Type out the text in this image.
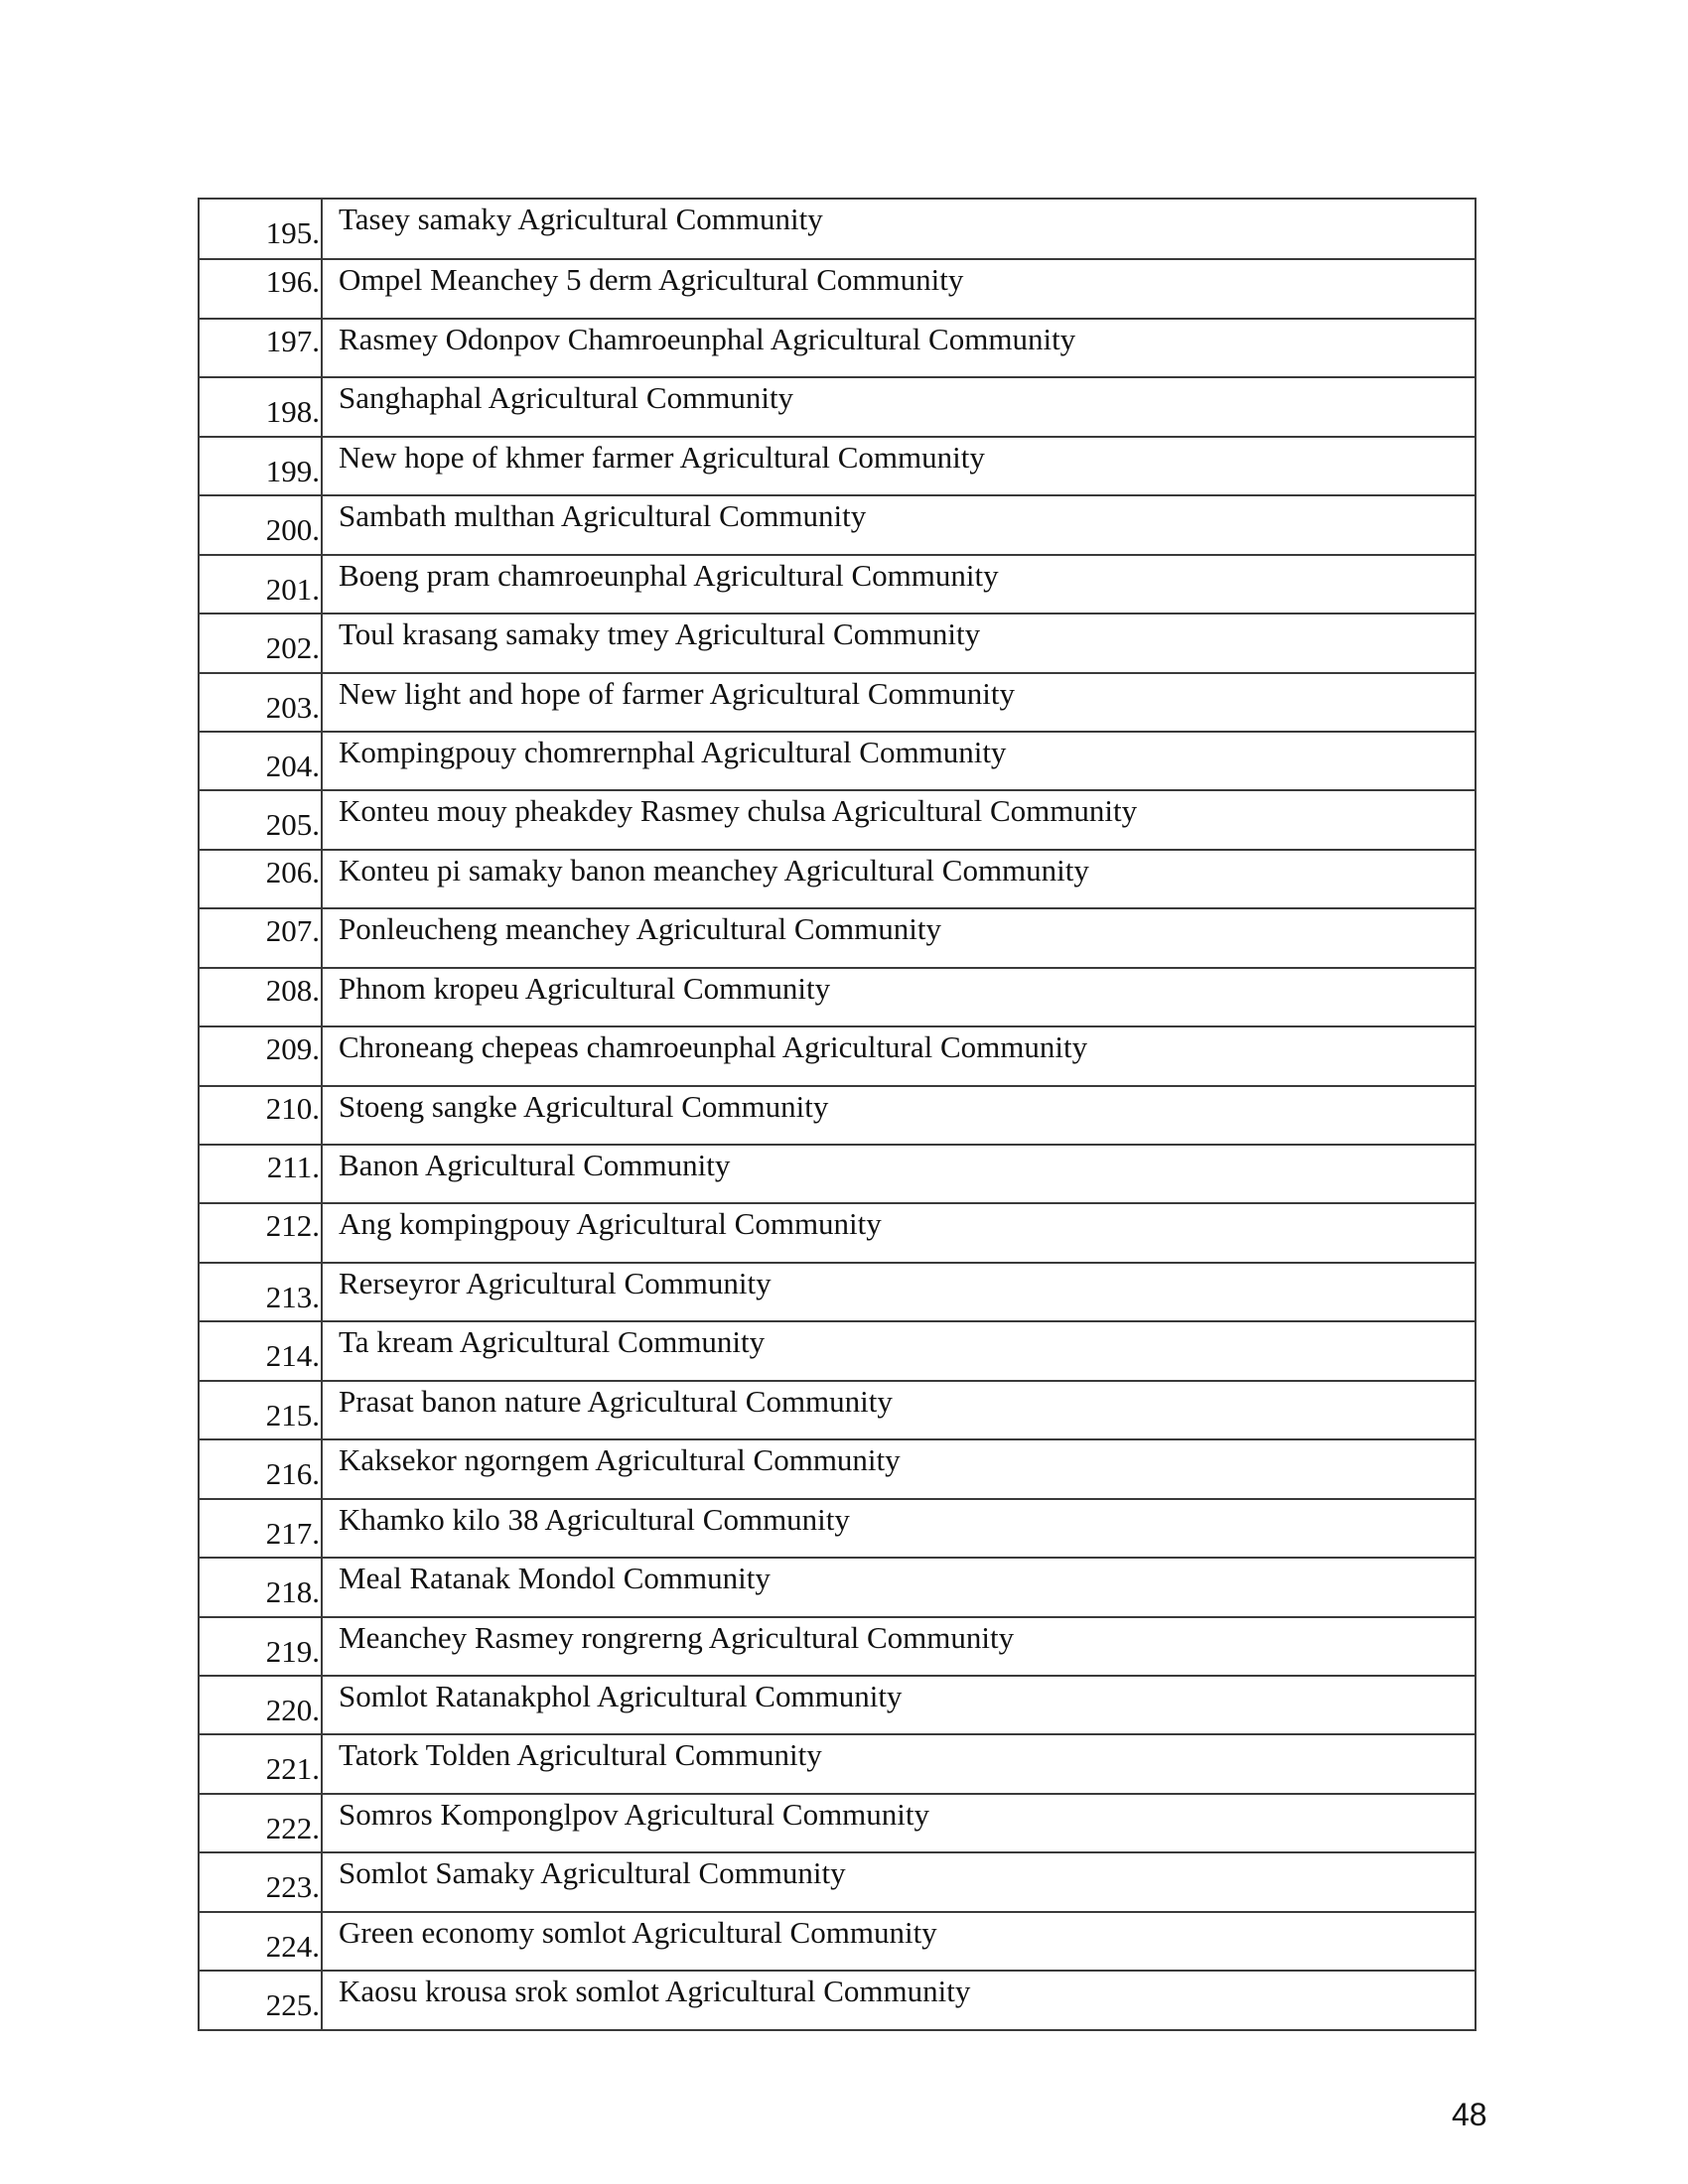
195. Tasey samaky Agricultural Community
196. Ompel Meanchey 5 derm Agricultural Community
197. Rasmey Odonpov Chamroeunphal Agricultural Community
198. Sanghaphal Agricultural Community
199. New hope of khmer farmer Agricultural Community
200. Sambath multhan Agricultural Community
201. Boeng pram chamroeunphal Agricultural Community
202. Toul krasang samaky tmey Agricultural Community
203. New light and hope of farmer Agricultural Community
204. Kompingpouy chomrernphal Agricultural Community
205. Konteu mouy pheakdey Rasmey chulsa Agricultural Community
206. Konteu pi samaky banon meanchey Agricultural Community
207. Ponleucheng meanchey Agricultural Community
208. Phnom kropeu Agricultural Community
209. Chroneang chepeas chamroeunphal Agricultural Community
210. Stoeng sangke Agricultural Community
211. Banon Agricultural Community
212. Ang kompingpouy Agricultural Community
213. Rerseyror Agricultural Community
214. Ta kream Agricultural Community
215. Prasat banon nature Agricultural Community
216. Kaksekor ngorngem Agricultural Community
217. Khamko kilo 38 Agricultural Community
218. Meal Ratanak Mondol Community
219. Meanchey Rasmey rongrerng Agricultural Community
220. Somlot Ratanakphol Agricultural Community
221. Tatork Tolden Agricultural Community
222. Somros Komponglpov Agricultural Community
223. Somlot Samaky Agricultural Community
224. Green economy somlot Agricultural Community
225. Kaosu krousa srok somlot Agricultural Community
48
